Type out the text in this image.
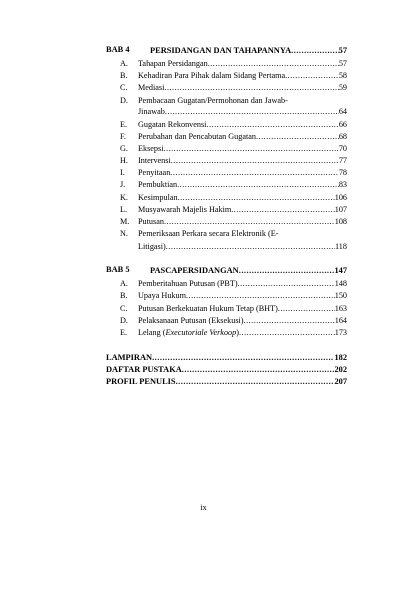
BAB 4 PERSIDANGAN DAN TAHAPANNYA .....	57
A.	Tahapan Persidangan .....	57
B.	Kehadiran Para Pihak dalam Sidang Pertama .....	58
C.	Mediasi .....	59
D.	Pembacaan Gugatan/Permohonan dan Jawab-
Jinawab .....	64
E.	Gugatan Rekonvensi .....	66
F.	Perubahan dan Pencabutan Gugatan .....	68
G.	Eksepsi .....	70
H.	Intervensi .....	77
I.	Penyitaan .....	78
J.	Pembuktian .....	83
K.	Kesimpulan .....	106
L.	Musyawarah Majelis Hakim .....	107
M.	Putusan .....	108
N.	Pemeriksaan Perkara secara Elektronik (E-
Litigasi) .....	118
BAB 5 PASCAPERSIDANGAN .....	147
A.	Pemberitahuan Putusan (PBT) .....	148
B.	Upaya Hukum .....	150
C.	Putusan Berkekuatan Hukum Tetap (BHT) .....	163
D.	Pelaksanaan Putusan (Eksekusi) .....	164
E.	Lelang (Executoriale Verkoop) .....	173
LAMPIRAN .....	182
DAFTAR PUSTAKA .....	202
PROFIL PENULIS .....	207
ix
